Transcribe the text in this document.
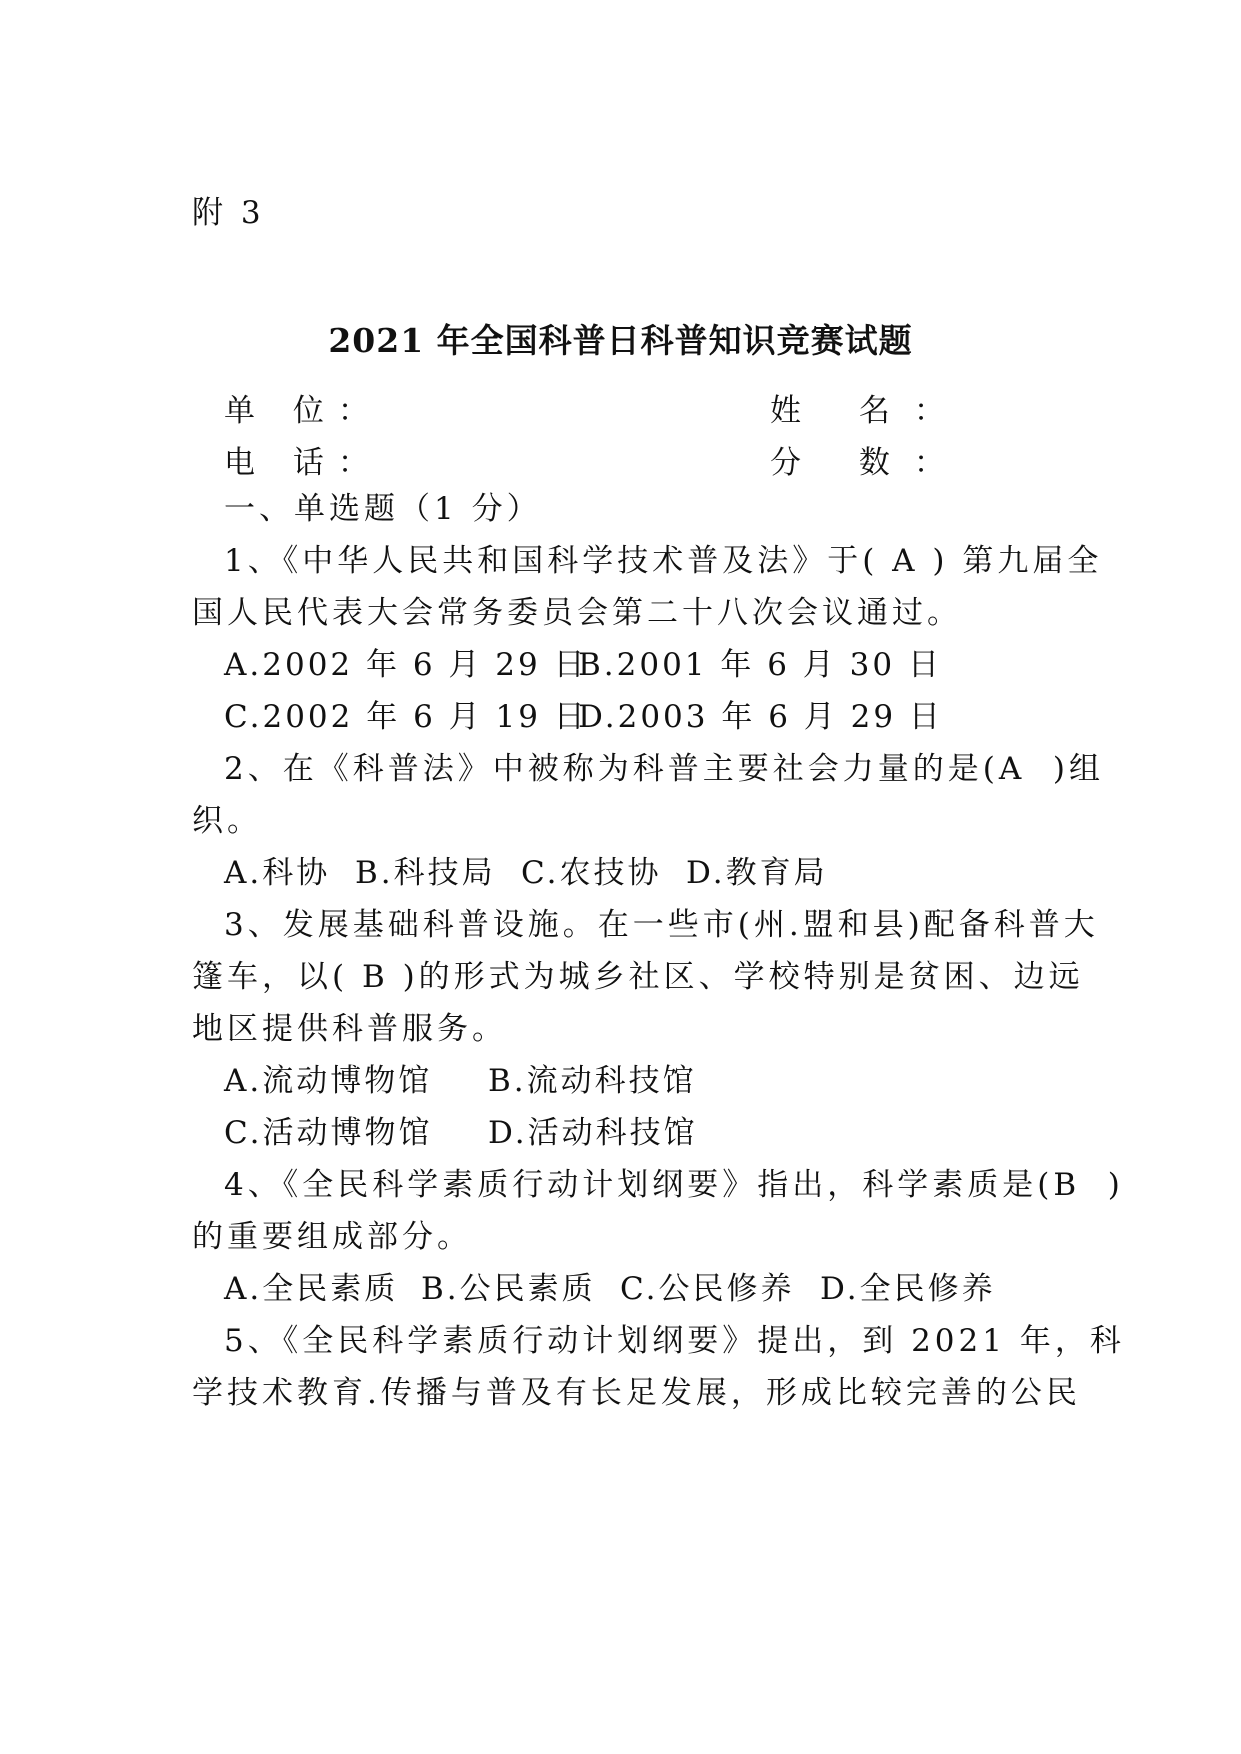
附 3
2021 年全国科普日科普知识竞赛试题
单 位：	姓 名：
电 话：	分 数：
一、单选题（1 分）
1、《中华人民共和国科学技术普及法》于( A ) 第九届全
国人民代表大会常务委员会第二十八次会议通过。
A.2002 年 6 月 29 日
B.2001 年 6 月 30 日
C.2002 年 6 月 19 日
D.2003 年 6 月 29 日
2、在《科普法》中被称为科普主要社会力量的是(A  )组
织。
A.科协 B.科技局 C.农技协 D.教育局
3、发展基础科普设施。在一些市(州.盟和县)配备科普大
篷车，以( B )的形式为城乡社区、学校特别是贫困、边远
地区提供科普服务。
A.流动博物馆 B.流动科技馆
C.活动博物馆 D.活动科技馆
4、《全民科学素质行动计划纲要》指出，科学素质是(B  )
的重要组成部分。
A.全民素质 B.公民素质 C.公民修养 D.全民修养
5、《全民科学素质行动计划纲要》提出，到 2021 年，科
学技术教育.传播与普及有长足发展，形成比较完善的公民
